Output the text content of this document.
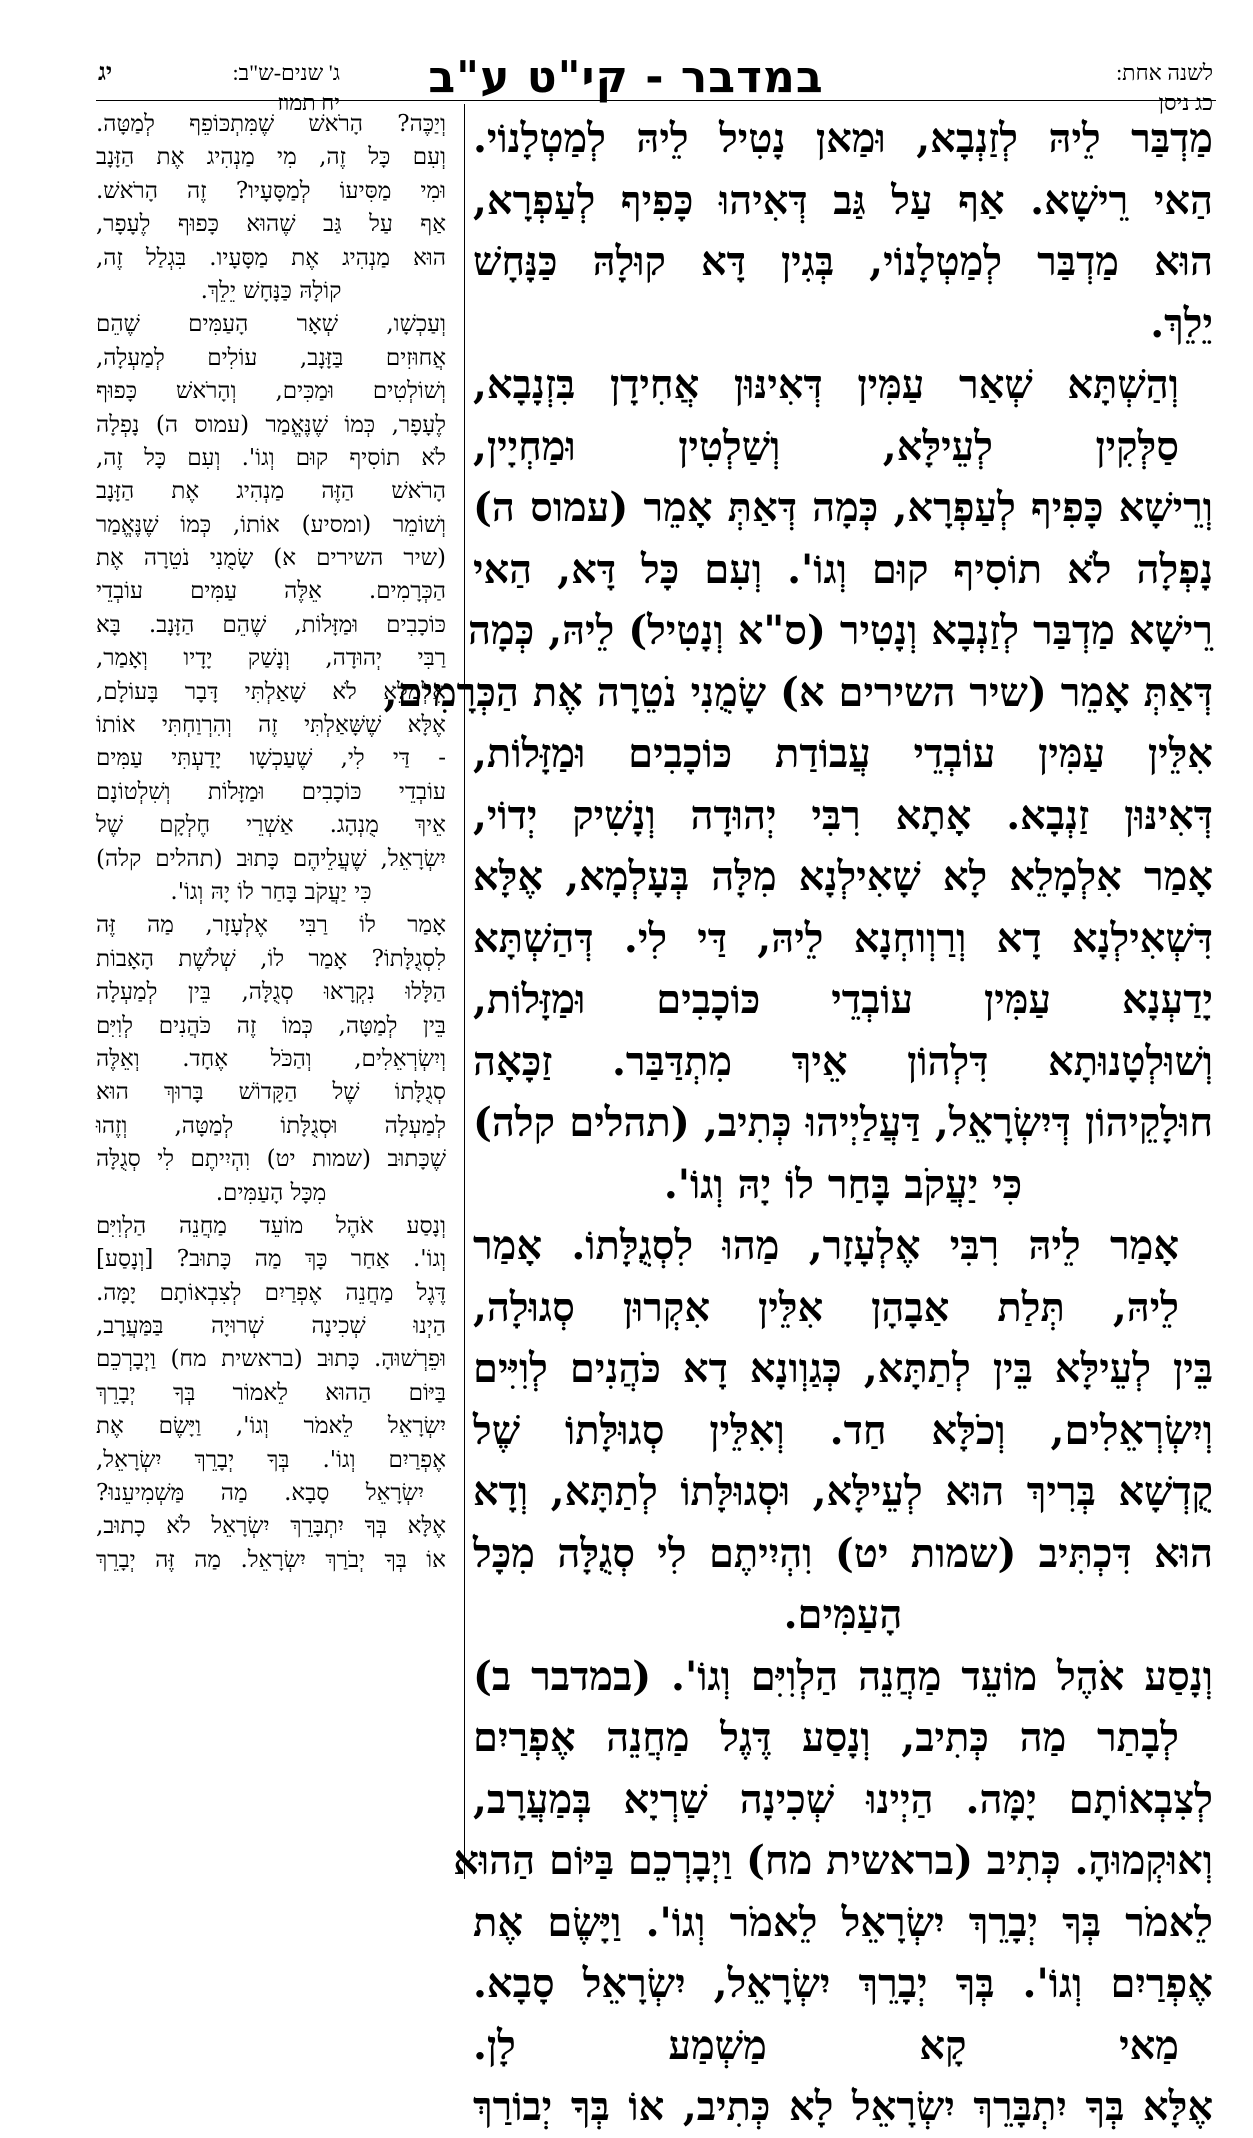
במדבר - קי"ט ע"ב	לשנה אחת:
כג ניסן
ג' שנים-ש"ב:
יח תמוז
יג
מַדְבַּר לֵיהּ לְזַנְבָא, וּמַאן נָטִיל לֵיהּ לְמַטְלָנוֹי.
הַאי רֵישָׁא. אַף עַל גַּב דְּאִיהוּ כָּפִיף לְעַפְרָא,
הוּא מַדְבַּר לְמַטְלָנוֹי, בְּגִין דָּא קוּלָהּ כַּנָּחָשׁ
יֵלֵךְ.
וְהַשְׁתָּא שְׁאַר עַמִּין דְּאִינּוּן אֲחִידָן בִּזְנָבָא,
סַלְּקִין לְעֵילָּא, וְשַׁלְטִין וּמַחְיָין,
וְרֵישָׁא כָּפִיף לְעַפְרָא, כְּמָה דְּאַתְּ אָמֵר (עמוס ה)
נָפְלָה לֹא תוֹסִיף קוּם וְגוֹ'. וְעִם כָּל דָּא, הַאי
רֵישָׁא מַדְבַּר לְזַנְבָא וְנָטִיר (ס"א וְנָטִיל) לֵיהּ, כְּמָה
דְּאַתְּ אָמֵר (שיר השירים א) שָׂמֻנִי נֹטֵרָה אֶת הַכְּרָמִים,
אִלֵּין עַמִּין עוֹבְדֵי עֲבוֹדַת כּוֹכָבִים וּמַזָּלוֹת,
דְּאִינּוּן זַנְבָא. אָתָא רִבִּי יְהוּדָה וְנָשִׁיק יְדוֹי,
אָמַר אִלְמָלֵא לָא שָׁאִילְנָא מִלָּה בְּעָלְמָא, אֶלָּא
דִּשְׁאִילְנָא דָא וְרַוְוחְנָא לֵיהּ, דַּי לִי. דְּהַשְׁתָּא
יָדַעְנָא עַמִּין עוֹבְדֵי כּוֹכָבִים וּמַזָּלוֹת,
וְשׁוּלְטָנוּתָא דִּלְהוֹן אֵיךְ מִתְדַּבַּר. זַכָּאָה
חוּלָקֵיהוֹן דְּיִשְׂרָאֵל, דַּעֲלַיְיהוּ כְּתִיב, (תהלים קלה)
כִּי יַעֲקֹב בָּחַר לוֹ יָהּ וְגוֹ'.
אָמַר לֵיהּ רִבִּי אֶלְעָזָר, מַהוּ לִסְגֻלָּתוֹ. אָמַר
לֵיהּ, תְּלַת אַבָהָן אִלֵּין אִקְרוּן סְגוּלָה,
בֵּין לְעֵילָּא בֵּין לְתַתָּא, כְּגַוְונָא דָא כֹּהֲנִים לְוִיִּים
וְיִשְׂרְאֵלִים, וְכֹלָּא חַד. וְאִלֵּין סְגוּלָּתוֹ שֶׁל
קֻדְשָׁא בְּרִיךְ הוּא לְעֵילָּא, וּסְגוּלָּתוֹ לְתַתָּא, וְדָא
הוּא דִּכְתִּיב (שמות יט) וִהְיִיתֶם לִי סְגֻלָּה מִכָּל
הָעַמִּים.
וְנָסַע אֹהֶל מוֹעֵד מַחֲנֵה הַלְוִיִּם וְגוֹ'. (במדבר ב)
לְבָתַר מַה כְּתִיב, וְנָסַע דֶּגֶל מַחֲנֵה אֶפְרַיִם
לְצִבְאוֹתָם יָמָּה. הַיְינוּ שְׁכִינָה שַׁרְיָא בְּמַעֲרָב,
וְאוּקְמוּהָ. כְּתִיב (בראשית מח) וַיְבָרְכֵם בַּיּוֹם הַהוּא
לֵאמֹר בְּךָ יְבָרֵךְ יִשְׂרָאֵל לֵאמֹר וְגוֹ'. וַיָּשֶׂם אֶת
אֶפְרַיִם וְגוֹ'. בְּךָ יְבָרֵךְ יִשְׂרָאֵל, יִשְׂרָאֵל סָבָא.
מַאי קָא מַשְׁמַע לָן.
אֶלָּא בְּךָ יִתְבָּרֵךְ יִשְׂרָאֵל לָא כְּתִיב, אוֹ בְּךָ יְבוֹרַךְ
וְיַכֶּה? הָרֹאשׁ שֶׁמִּתְכּוֹפֵף לְמַטָּה.
וְעִם כָּל זֶה, מִי מַנְהִיג אֶת הַזָּנָב
וּמִי מַסִּיעוֹ לְמַסָּעָיו? זֶה הָרֹאשׁ.
אַף עַל גַּב שֶׁהוּא כָּפוּף לֶעָפָר,
הוּא מַנְהִיג אֶת מַסָּעָיו. בִּגְלַל זֶה,
קוֹלָהּ כַּנָּחָשׁ יֵלֵךְ.
וְעַכְשָׁו, שְׁאָר הָעַמִּים שֶׁהֵם
אֲחוּזִים בַּזָּנָב, עוֹלִים לְמַעְלָה,
וְשׁוֹלְטִים וּמַכִּים, וְהָרֹאשׁ כָּפוּף
לֶעָפָר, כְּמוֹ שֶׁנֶּאֱמַר (עמוס ה) נָפְלָה
לֹא תוֹסִיף קוּם וְגוֹ'. וְעִם כָּל זֶה,
הָרֹאשׁ הַזֶּה מַנְהִיג אֶת הַזָּנָב
וְשׁוֹמֵר (ומסיע) אוֹתוֹ, כְּמוֹ שֶׁנֶּאֱמַר
(שיר השירים א) שָׂמֻנִי נֹטֵרָה אֶת
הַכְּרָמִים. אֵלֶּה עַמִּים עוֹבְדֵי
כּוֹכָבִים וּמַזָּלוֹת, שֶׁהֵם הַזָּנָב. בָּא
רַבִּי יְהוּדָה, וְנָשַׁק יָדָיו וְאָמַר,
אִלְמָלֵא לֹא שָׁאַלְתִּי דָּבָר בָּעוֹלָם,
אֶלָּא שֶׁשָּׁאַלְתִּי זֶה וְהִרְוַחְתִּי אוֹתוֹ
- דַּי לִי, שֶׁעַכְשָׁו יָדַעְתִּי עַמִּים
עוֹבְדֵי כּוֹכָבִים וּמַזָּלוֹת וְשִׁלְטוֹנָם
אֵיךְ מֻנְהָג. אַשְׁרֵי חֶלְקָם שֶׁל
יִשְׂרָאֵל, שֶׁעֲלֵיהֶם כָּתוּב (תהלים קלה)
כִּי יַעֲקֹב בָּחַר לוֹ יָהּ וְגוֹ'.
אָמַר לוֹ רַבִּי אֶלְעָזָר, מַה זֶּה
לִסְגֻלָּתוֹ? אָמַר לוֹ, שְׁלֹשֶׁת הָאָבוֹת
הַלָּלוּ נִקְרָאוּ סְגֻלָּה, בֵּין לְמַעְלָה
בֵּין לְמַטָּה, כְּמוֹ זֶה כֹּהֲנִים לְוִיִּם
וְיִשְׂרְאֵלִים, וְהַכֹּל אֶחָד. וְאֵלֶּה
סְגֻלָּתוֹ שֶׁל הַקָּדוֹשׁ בָּרוּךְ הוּא
לְמַעְלָה וּסְגֻלָּתוֹ לְמַטָּה, וְזֶהוּ
שֶׁכָּתוּב (שמות יט) וִהְיִיתֶם לִי סְגֻלָּה
מִכָּל הָעַמִּים.
וְנָסַע אֹהֶל מוֹעֵד מַחֲנֵה הַלְוִיִּם
וְגוֹ'. אַחַר כָּךְ מַה כָּתוּב? [וְנָסַע]
דֶּגֶל מַחֲנֵה אֶפְרַיִם לְצִבְאוֹתָם יָמָּה.
הַיְנוּ שְׁכִינָה שְׁרוּיָה בַּמַּעֲרָב,
וּפֵרְשׁוּהָ. כָּתוּב (בראשית מח) וַיְבָרְכֵם
בַּיּוֹם הַהוּא לֵאמוֹר בְּךָ יְבָרֵךְ
יִשְׂרָאֵל לֵאמֹר וְגוֹ', וַיָּשֶׂם אֶת
אֶפְרַיִם וְגוֹ'. בְּךָ יְבָרֵךְ יִשְׂרָאֵל,
יִשְׂרָאֵל סָבָא. מַה מַּשְׁמִיעֵנוּ?
אֶלָּא בְּךָ יִתְבָּרֵךְ יִשְׂרָאֵל לֹא כָתוּב,
אוֹ בְּךָ יְבֹרַךְ יִשְׂרָאֵל. מַה זֶּה יְבָרֵךְ
